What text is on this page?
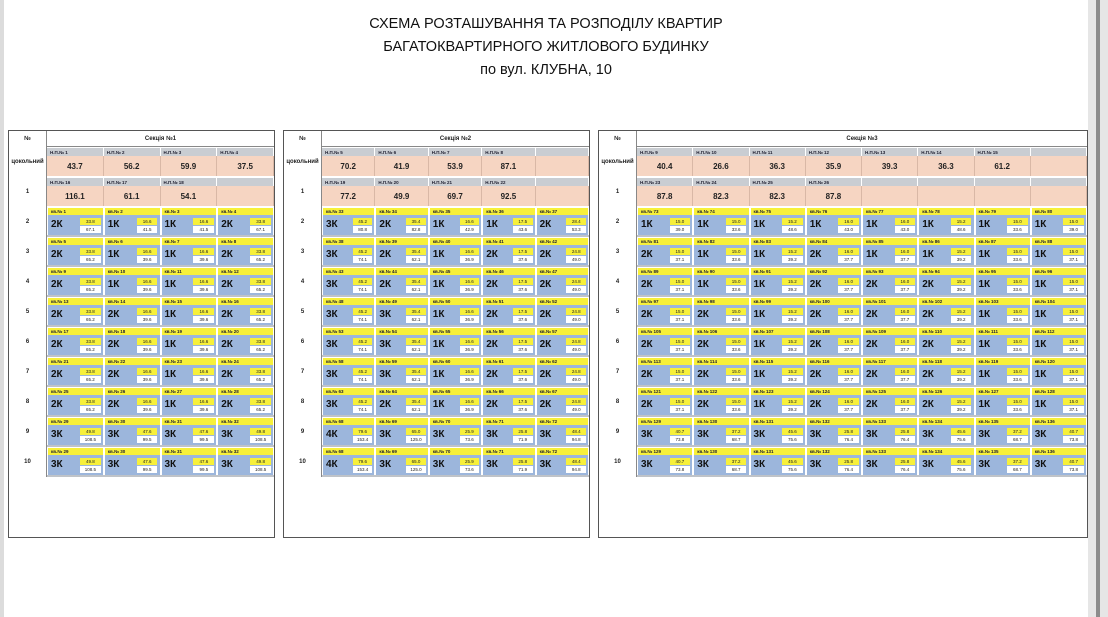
СХЕМА РОЗТАШУВАННЯ ТА РОЗПОДІЛУ КВАРТИР
БАГАТОКВАРТИРНОГО ЖИТЛОВОГО БУДИНКУ
по вул. КЛУБНА, 10
№	Секція №1
цокольний
Н.П.№ 1
43.7
Н.П.№ 2
56.2
Н.П.№ 3
59.9
Н.П.№ 4
37.5
1
Н.П.№ 16
116.1
Н.П.№ 17
61.1
Н.П.№ 18
54.1
2
кв.№ 1
2К	33.8
67.1
кв.№ 2
1К	16.6
41.5
кв.№ 3
1К	16.6
41.5
кв.№ 4
2К	33.8
67.1
3
кв.№ 5
2К	33.8
65.2
кв.№ 6
1К	16.6
39.6
кв.№ 7
1К	16.6
39.6
кв.№ 8
2К	33.8
65.2
4
кв.№ 9
2К	33.8
65.2
кв.№ 10
1К	16.6
39.6
кв.№ 11
1К	16.6
39.6
кв.№ 12
2К	33.8
65.2
5
кв.№ 13
2К	33.8
65.2
кв.№ 14
2К	16.6
39.6
кв.№ 15
1К	16.6
39.6
кв.№ 16
2К	33.8
65.2
6
кв.№ 17
2К	33.8
65.2
кв.№ 18
2К	16.6
39.6
кв.№ 19
1К	16.6
39.6
кв.№ 20
2К	33.8
65.2
7
кв.№ 21
2К	33.8
65.2
кв.№ 22
2К	16.6
39.6
кв.№ 23
1К	16.6
39.6
кв.№ 24
2К	33.8
65.2
8
кв.№ 25
2К	33.8
65.2
кв.№ 26
2К	16.6
39.6
кв.№ 27
1К	16.6
39.6
кв.№ 28
2К	33.8
65.2
9
кв.№ 29
3К	49.8
108.5
кв.№ 30
3К	47.6
99.5
кв.№ 31
3К	47.6
99.5
кв.№ 32
3К	49.8
108.5
10
кв.№ 29
3К	49.8
108.5
кв.№ 30
3К	47.6
99.5
кв.№ 31
3К	47.6
99.5
кв.№ 32
3К	49.8
108.5
№	Секція №2
цокольний
Н.П.№ 5
70.2
Н.П.№ 6
41.9
Н.П.№ 7
53.9
Н.П.№ 8
87.1
1
Н.П.№ 19
77.2
Н.П.№ 20
49.9
Н.П.№ 21
69.7
Н.П.№ 22
92.5
2
кв.№ 33
3К	45.2
80.8
кв.№ 34
2К	35.4
82.8
кв.№ 35
1К	16.6
42.9
кв.№ 36
1К	17.5
43.6
кв.№ 37
2К	28.4
53.3
3
кв.№ 38
3К	45.2
74.1
кв.№ 39
2К	35.4
62.1
кв.№ 40
1К	16.6
36.9
кв.№ 41
2К	17.5
37.6
кв.№ 42
2К	24.8
49.0
4
кв.№ 43
3К	45.2
74.1
кв.№ 44
2К	35.4
62.1
кв.№ 45
1К	16.6
36.9
кв.№ 46
2К	17.5
37.6
кв.№ 47
2К	24.8
49.0
5
кв.№ 48
3К	45.2
74.1
кв.№ 49
3К	35.4
62.1
кв.№ 50
1К	16.6
36.9
кв.№ 51
2К	17.5
37.6
кв.№ 52
2К	24.8
49.0
6
кв.№ 53
3К	45.2
74.1
кв.№ 54
3К	35.4
62.1
кв.№ 55
1К	16.6
36.9
кв.№ 56
2К	17.5
37.6
кв.№ 57
2К	24.8
49.0
7
кв.№ 58
3К	45.2
74.1
кв.№ 59
3К	35.4
62.1
кв.№ 60
1К	16.6
36.9
кв.№ 61
2К	17.5
37.6
кв.№ 62
2К	24.8
49.0
8
кв.№ 63
3К	45.2
74.1
кв.№ 64
2К	35.4
62.1
кв.№ 65
1К	16.6
36.9
кв.№ 66
2К	17.5
37.6
кв.№ 67
2К	24.8
49.0
9
кв.№ 68
4К	79.6
153.4
кв.№ 69
3К	65.0
125.0
кв.№ 70
3К	25.9
73.6
кв.№ 71
3К	25.8
71.9
кв.№ 72
3К	48.4
94.8
10
кв.№ 68
4К	79.6
153.4
кв.№ 69
3К	65.0
125.0
кв.№ 70
3К	25.9
73.6
кв.№ 71
3К	25.8
71.9
кв.№ 72
3К	48.4
94.8
№	Секція №3
цокольний
Н.П.№ 9
40.4
Н.П.№ 10
26.6
Н.П.№ 11
36.3
Н.П.№ 12
35.9
Н.П.№ 13
39.3
Н.П.№ 14
36.3
Н.П.№ 15
61.2
1
Н.П.№ 23
87.8
Н.П.№ 24
82.3
Н.П.№ 25
82.3
Н.П.№ 26
87.8
2
кв.№ 73
1К	15.0
39.0
кв.№ 74
1К	15.0
33.6
кв.№ 75
1К	15.2
48.6
кв.№ 76
1К	16.0
43.0
кв.№ 77
1К	16.0
43.0
кв.№ 78
1К	15.2
48.6
кв.№ 79
1К	15.0
33.6
кв.№ 80
1К	15.0
39.0
3
кв.№ 81
2К	15.0
37.1
кв.№ 82
1К	15.0
33.6
кв.№ 83
1К	15.2
39.2
кв.№ 84
2К	16.0
37.7
кв.№ 85
1К	16.0
37.7
кв.№ 86
1К	15.2
39.2
кв.№ 87
1К	15.0
33.6
кв.№ 88
1К	15.0
37.1
4
кв.№ 89
2К	15.0
37.1
кв.№ 90
1К	15.0
33.6
кв.№ 91
1К	15.2
39.2
кв.№ 92
2К	16.0
37.7
кв.№ 93
2К	16.0
37.7
кв.№ 94
2К	15.2
39.2
кв.№ 95
1К	15.0
33.6
кв.№ 96
1К	15.0
37.1
5
кв.№ 97
2К	15.0
37.1
кв.№ 98
2К	15.0
33.6
кв.№ 99
1К	15.2
39.2
кв.№ 100
2К	16.0
37.7
кв.№ 101
2К	16.0
37.7
кв.№ 102
2К	15.2
39.2
кв.№ 103
1К	15.0
33.6
кв.№ 104
1К	15.0
37.1
6
кв.№ 105
2К	15.0
37.1
кв.№ 106
2К	15.0
33.6
кв.№ 107
1К	15.2
39.2
кв.№ 108
2К	16.0
37.7
кв.№ 109
2К	16.0
37.7
кв.№ 110
2К	15.2
39.2
кв.№ 111
1К	15.0
33.6
кв.№ 112
1К	15.0
37.1
7
кв.№ 113
2К	15.0
37.1
кв.№ 114
2К	15.0
33.6
кв.№ 115
1К	15.2
39.2
кв.№ 116
2К	16.0
37.7
кв.№ 117
2К	16.0
37.7
кв.№ 118
2К	15.2
39.2
кв.№ 119
1К	15.0
33.6
кв.№ 120
1К	15.0
37.1
8
кв.№ 121
2К	15.0
37.1
кв.№ 122
2К	15.0
33.6
кв.№ 123
1К	15.2
39.2
кв.№ 124
2К	16.0
37.7
кв.№ 125
2К	16.0
37.7
кв.№ 126
2К	15.2
39.2
кв.№ 127
1К	15.0
33.6
кв.№ 128
1К	15.0
37.1
9
кв.№ 129
3К	40.7
73.8
кв.№ 130
3К	37.2
68.7
кв.№ 131
3К	45.6
75.6
кв.№ 132
3К	25.8
76.4
кв.№ 133
3К	25.8
76.4
кв.№ 134
3К	45.6
75.6
кв.№ 135
3К	37.2
68.7
кв.№ 136
3К	40.7
73.8
10
кв.№ 129
3К	40.7
73.8
кв.№ 130
3К	37.2
68.7
кв.№ 131
3К	45.6
75.6
кв.№ 132
3К	25.8
76.4
кв.№ 133
3К	25.8
76.4
кв.№ 134
3К	45.6
75.6
кв.№ 135
3К	37.2
68.7
кв.№ 136
3К	40.7
73.8
